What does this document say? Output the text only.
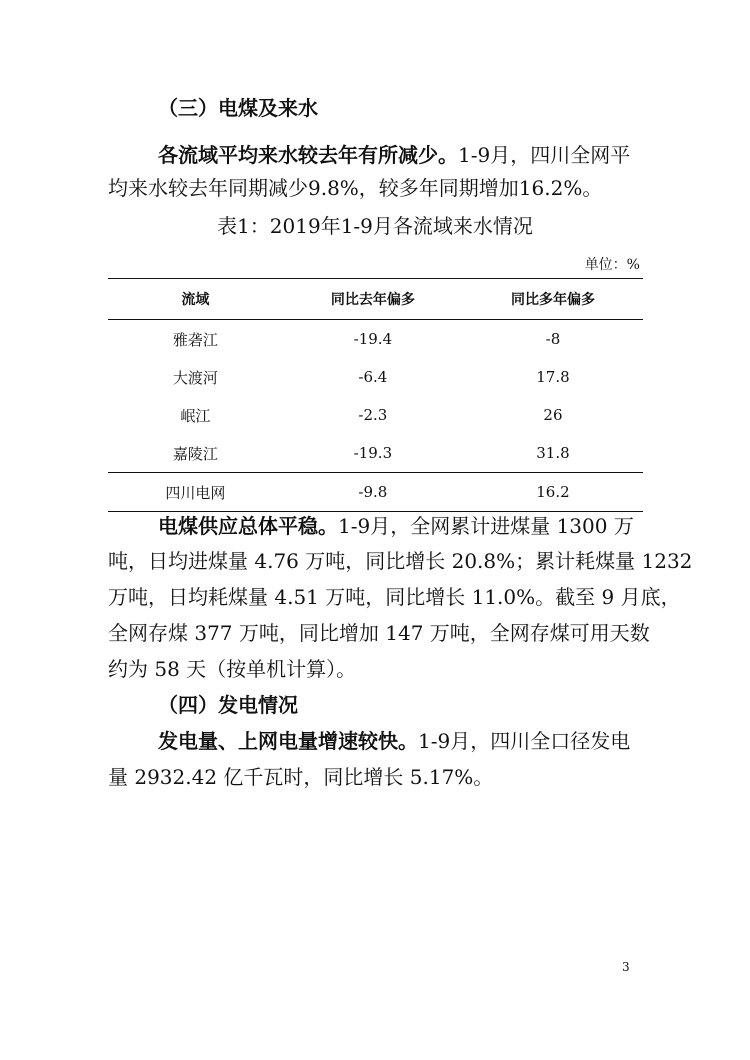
（三）电煤及来水
各流域平均来水较去年有所减少。1-9月，四川全网平
均来水较去年同期减少9.8%，较多年同期增加16.2%。
表1：2019年1-9月各流域来水情况
单位：%
流域	同比去年偏多	同比多年偏多
雅砻江	-19.4	-8
大渡河	-6.4	17.8
岷江	-2.3	26
嘉陵江	-19.3	31.8
四川电网	-9.8	16.2
电煤供应总体平稳。1-9月，全网累计进煤量 1300 万
吨，日均进煤量 4.76 万吨，同比增长 20.8%；累计耗煤量 1232
万吨，日均耗煤量 4.51 万吨，同比增长 11.0%。截至 9 月底，
全网存煤 377 万吨，同比增加 147 万吨，全网存煤可用天数
约为 58 天（按单机计算）。
（四）发电情况
发电量、上网电量增速较快。1-9月，四川全口径发电
量 2932.42 亿千瓦时，同比增长 5.17%。
3
